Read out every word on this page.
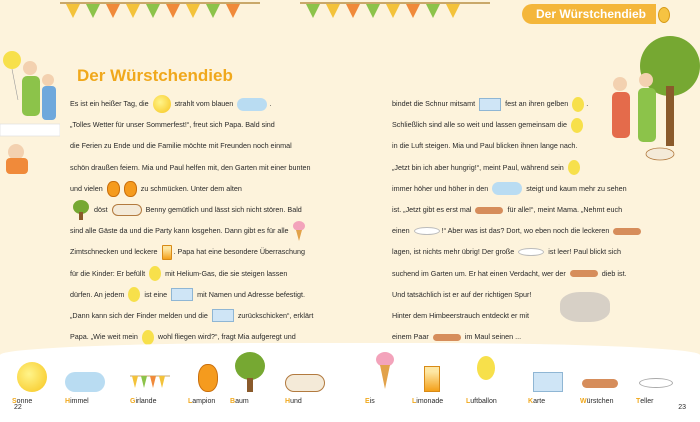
Der Würstchendieb
Der Würstchendieb
Es ist ein heißer Tag, die	strahlt vom blauen	.
„Tolles Wetter für unser Sommerfest!“, freut sich Papa. Bald sind
die Ferien zu Ende und die Familie möchte mit Freunden noch einmal
schön draußen feiern. Mia und Paul helfen mit, den Garten mit einer bunten
und vielen	zu schmücken. Unter dem alten
döst	Benny gemütlich und lässt sich nicht stören. Bald
sind alle Gäste da und die Party kann losgehen. Dann gibt es für alle
Zimtschnecken und leckere . Papa hat eine besondere Überraschung
für die Kinder: Er befüllt  mit Helium-Gas, die sie steigen lassen
dürfen. An jedem  ist eine	mit Namen und Adresse befestigt.
„Dann kann sich der Finder melden und die	zurückschicken“, erklärt
Papa. „Wie weit mein  wohl fliegen wird?“, fragt Mia aufgeregt und
bindet die Schnur mitsamt	fest an ihren gelben .
Schließlich sind alle so weit und lassen gemeinsam die
in die Luft steigen. Mia und Paul blicken ihnen lange nach.
„Jetzt bin ich aber hungrig!“, meint Paul, während sein
immer höher und höher in den	steigt und kaum mehr zu sehen
ist. „Jetzt gibt es erst mal	für alle!“, meint Mama. „Nehmt euch
einen	!“ Aber was ist das? Dort, wo eben noch die leckeren
lagen, ist nichts mehr übrig! Der große	ist leer! Paul blickt sich
suchend im Garten um. Er hat einen Verdacht, wer der	dieb ist.
Und tatsächlich ist er auf der richtigen Spur!
Hinter dem Himbeerstrauch entdeckt er mit
einem Paar	im Maul seinen ...
Sonne	Himmel	Girlande	Lampion Baum	Hund	Eis	Limonade	Luftballon	Karte	Würstchen	Teller
22	23
